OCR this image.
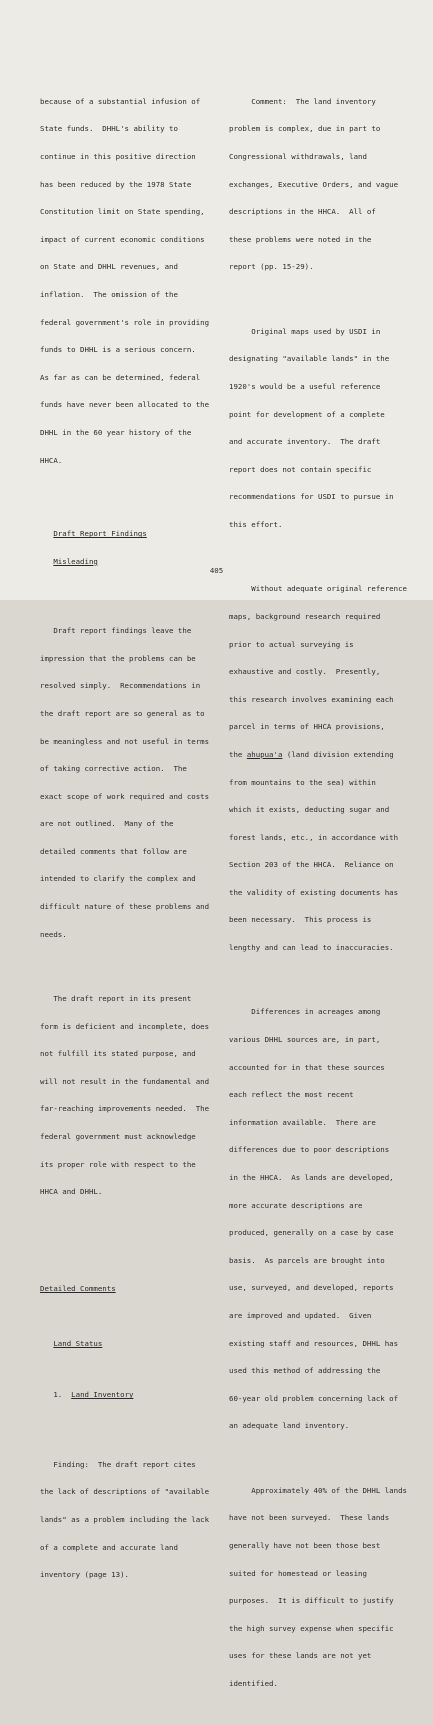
because of a substantial infusion of

State funds.  DHHL's ability to

continue in this positive direction

has been reduced by the 1978 State

Constitution limit on State spending,

impact of current economic conditions

on State and DHHL revenues, and

inflation.  The omission of the

federal government's role in providing

funds to DHHL is a serious concern.

As far as can be determined, federal

funds have never been allocated to the

DHHL in the 60 year history of the

HHCA.

Draft Report Findings

Misleading

Draft report findings leave the

impression that the problems can be

resolved simply.  Recommendations in

the draft report are so general as to

be meaningless and not useful in terms

of taking corrective action.  The

exact scope of work required and costs

are not outlined.  Many of the

detailed comments that follow are

intended to clarify the complex and

difficult nature of these problems and

needs.

The draft report in its present

form is deficient and incomplete, does

not fulfill its stated purpose, and

will not result in the fundamental and

far-reaching improvements needed.  The

federal government must acknowledge

its proper role with respect to the

HHCA and DHHL.

Detailed Comments

Land Status

1. Land Inventory

Finding:  The draft report cites

the lack of descriptions of "available

lands" as a problem including the lack

of a complete and accurate land

inventory (page 13).

Comment:  The land inventory

problem is complex, due in part to

Congressional withdrawals, land

exchanges, Executive Orders, and vague

descriptions in the HHCA.  All of

these problems were noted in the

report (pp. 15-29).

Original maps used by USDI in

designating "available lands" in the

1920's would be a useful reference

point for development of a complete

and accurate inventory.  The draft

report does not contain specific

recommendations for USDI to pursue in

this effort.

Without adequate original reference

maps, background research required

prior to actual surveying is

exhaustive and costly.  Presently,

this research involves examining each

parcel in terms of HHCA provisions,

the ahupua'a (land division extending

from mountains to the sea) within

which it exists, deducting sugar and

forest lands, etc., in accordance with

Section 203 of the HHCA.  Reliance on

the validity of existing documents has

been necessary.  This process is

lengthy and can lead to inaccuracies.

Differences in acreages among

various DHHL sources are, in part,

accounted for in that these sources

each reflect the most recent

information available.  There are

differences due to poor descriptions

in the HHCA.  As lands are developed,

more accurate descriptions are

produced, generally on a case by case

basis.  As parcels are brought into

use, surveyed, and developed, reports

are improved and updated.  Given

existing staff and resources, DHHL has

used this method of addressing the

60-year old problem concerning lack of

an adequate land inventory.

Approximately 40% of the DHHL lands

have not been surveyed.  These lands

generally have not been those best

suited for homestead or leasing

purposes.  It is difficult to justify

the high survey expense when specific

uses for these lands are not yet

identified.

405
